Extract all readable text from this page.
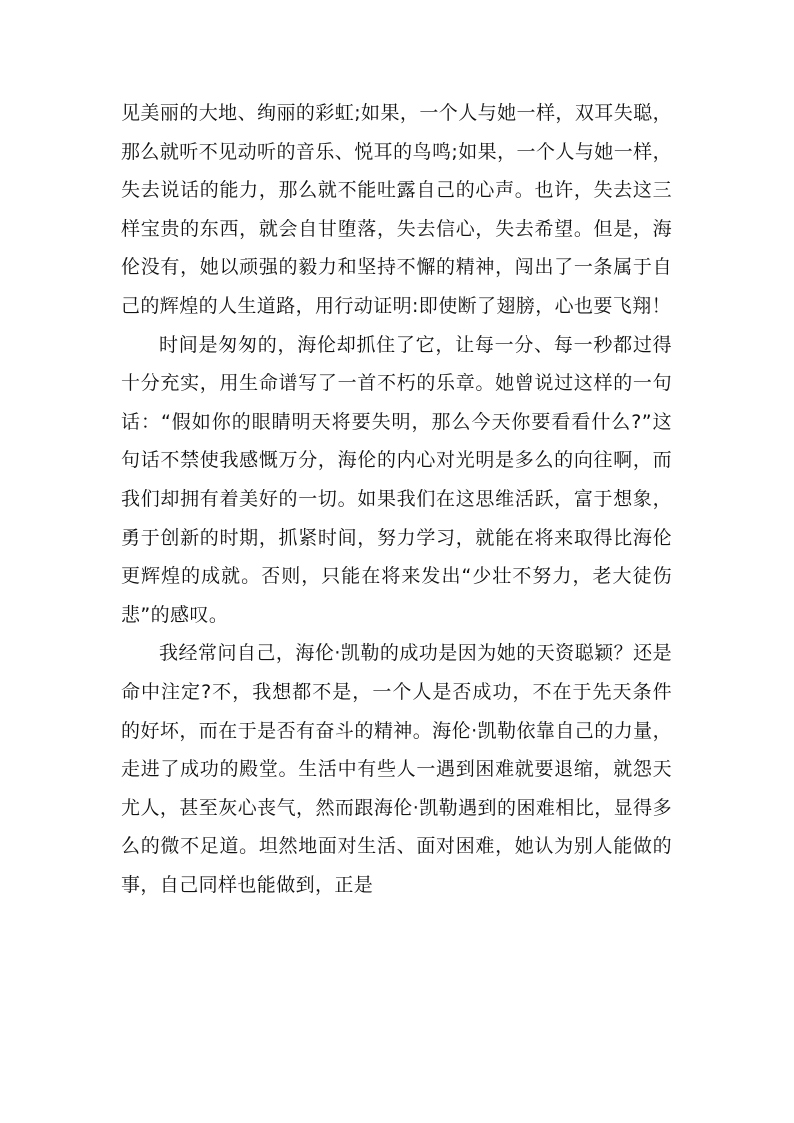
见美丽的大地、绚丽的彩虹;如果，一个人与她一样，双耳失聪，那么就听不见动听的音乐、悦耳的鸟鸣;如果，一个人与她一样，失去说话的能力，那么就不能吐露自己的心声。也许，失去这三样宝贵的东西，就会自甘堕落，失去信心，失去希望。但是，海伦没有，她以顽强的毅力和坚持不懈的精神，闯出了一条属于自己的辉煌的人生道路，用行动证明:即使断了翅膀，心也要飞翔！

时间是匆匆的，海伦却抓住了它，让每一分、每一秒都过得十分充实，用生命谱写了一首不朽的乐章。她曾说过这样的一句话：“假如你的眼睛明天将要失明，那么今天你要看看什么?”这句话不禁使我感慨万分，海伦的内心对光明是多么的向往啊，而我们却拥有着美好的一切。如果我们在这思维活跃，富于想象，勇于创新的时期，抓紧时间，努力学习，就能在将来取得比海伦更辉煌的成就。否则，只能在将来发出“少壮不努力，老大徒伤悲”的感叹。

我经常问自己，海伦·凯勒的成功是因为她的天资聪颖？还是命中注定?不，我想都不是，一个人是否成功，不在于先天条件的好坏，而在于是否有奋斗的精神。海伦·凯勒依靠自己的力量，走进了成功的殿堂。生活中有些人一遇到困难就要退缩，就怨天尤人，甚至灰心丧气，然而跟海伦·凯勒遇到的困难相比，显得多么的微不足道。坦然地面对生活、面对困难，她认为别人能做的事，自己同样也能做到，正是
